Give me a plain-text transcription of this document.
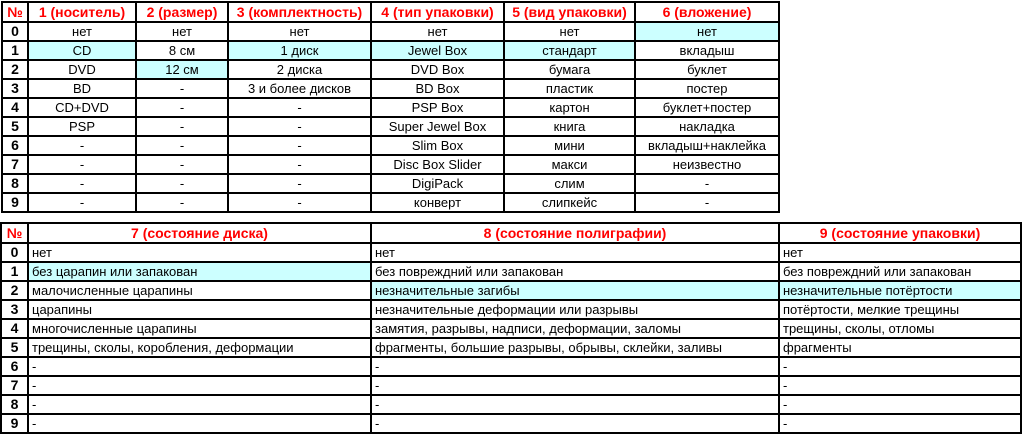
№	1 (носитель)	2 (размер)	3 (комплектность)	4 (тип упаковки)	5 (вид упаковки)	6 (вложение)
0	нет	нет	нет	нет	нет	нет
1	CD	8 см	1 диск	Jewel Box	стандарт	вкладыш
2	DVD	12 см	2 диска	DVD Box	бумага	буклет
3	BD	-	3 и более дисков	BD Box	пластик	постер
4	CD+DVD	-	-	PSP Box	картон	буклет+постер
5	PSP	-	-	Super Jewel Box	книга	накладка
6	-	-	-	Slim Box	мини	вкладыш+наклейка
7	-	-	-	Disc Box Slider	макси	неизвестно
8	-	-	-	DigiPack	слим	-
9	-	-	-	конверт	слипкейс	-
№	7 (состояние диска)	8 (состояние полиграфии)	9 (состояние упаковки)
0	нет	нет	нет
1	без царапин или запакован	без повреждний или запакован	без повреждний или запакован
2	малочисленные царапины	незначительные загибы	незначительные потёртости
3	царапины	незначительные деформации или разрывы	потёртости, мелкие трещины
4	многочисленные царапины	замятия, разрывы, надписи, деформации, заломы	трещины, сколы, отломы
5	трещины, сколы, коробления, деформации	фрагменты, большие разрывы, обрывы, склейки, заливы	фрагменты
6	-	-	-
7	-	-	-
8	-	-	-
9	-	-	-
